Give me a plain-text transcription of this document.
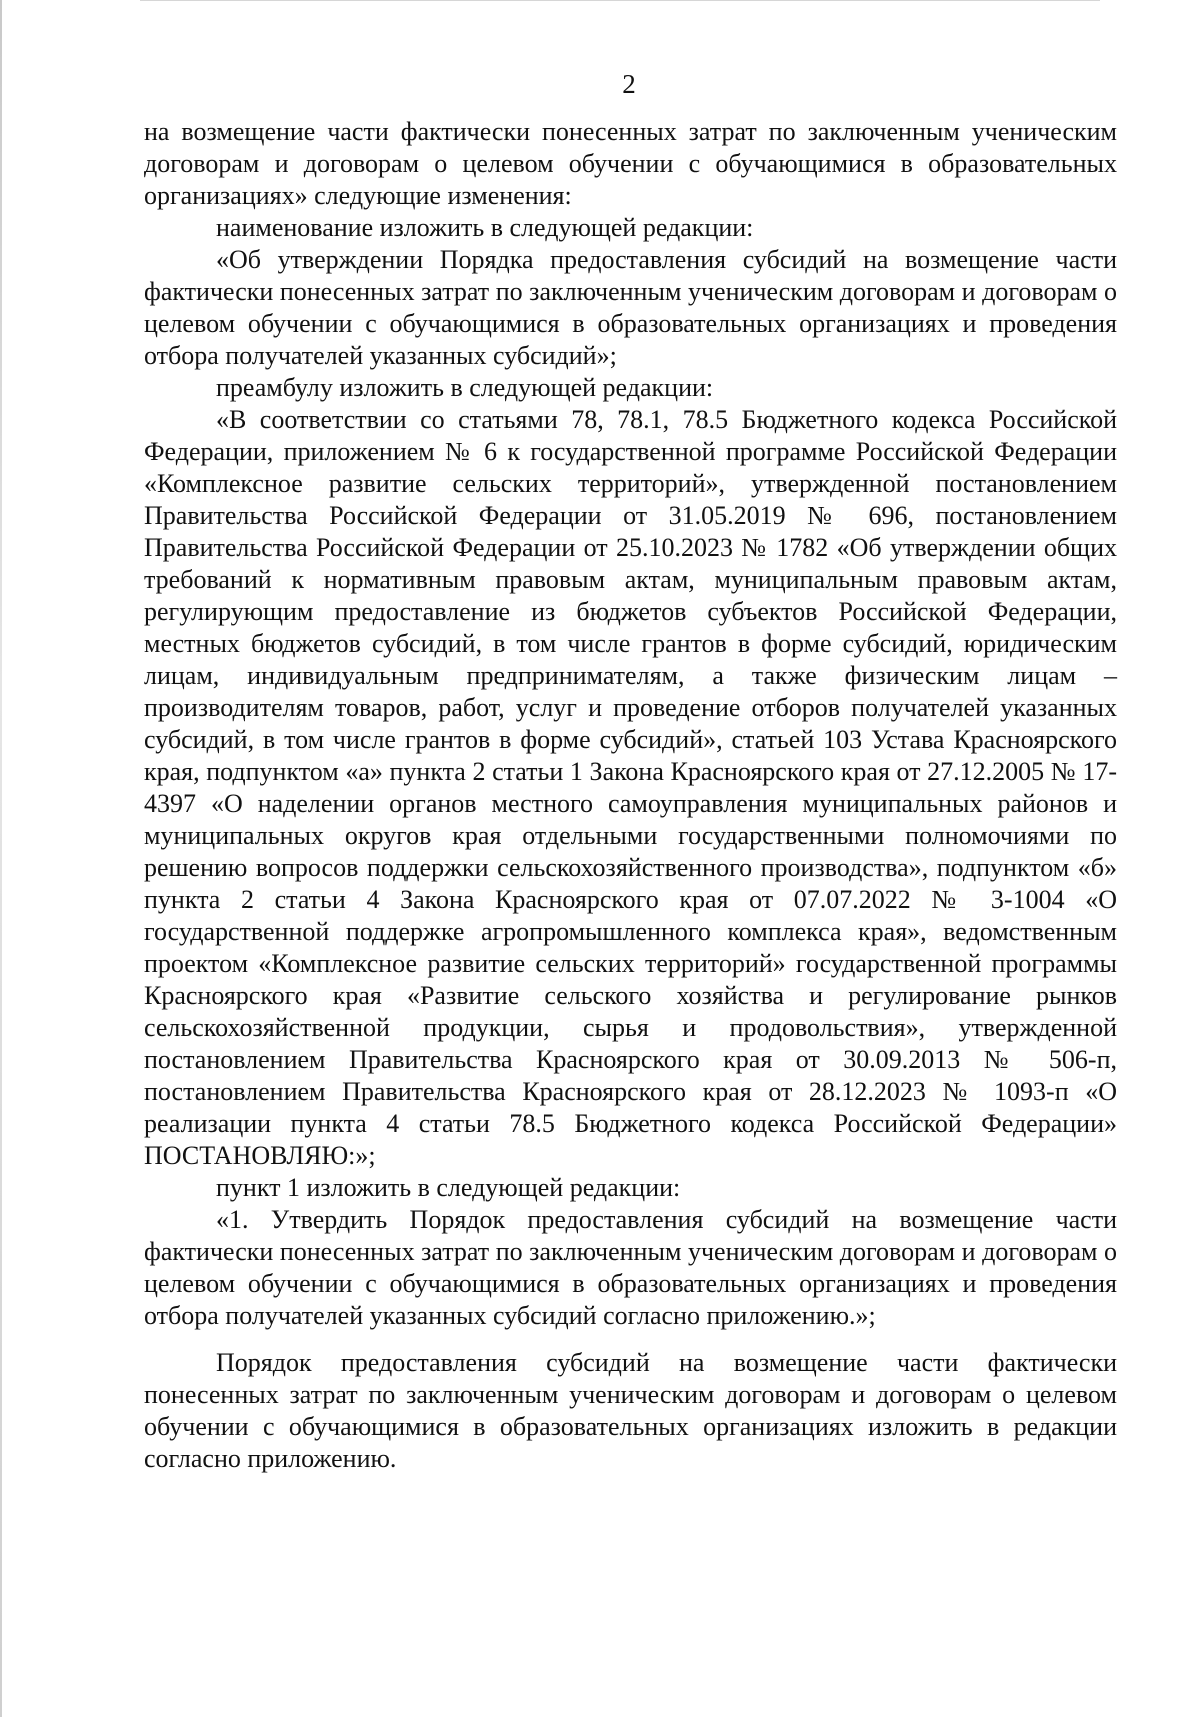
2

на возмещение части фактически понесенных затрат по заключенным ученическим договорам и договорам о целевом обучении с обучающимися в образовательных организациях» следующие изменения:

наименование изложить в следующей редакции:

«Об утверждении Порядка предоставления субсидий на возмещение части фактически понесенных затрат по заключенным ученическим договорам и договорам о целевом обучении с обучающимися в образовательных организациях и проведения отбора получателей указанных субсидий»;

преамбулу изложить в следующей редакции:

«В соответствии со статьями 78, 78.1, 78.5 Бюджетного кодекса Российской Федерации, приложением № 6 к государственной программе Российской Федерации «Комплексное развитие сельских территорий», утвержденной постановлением Правительства Российской Федерации от 31.05.2019 № 696, постановлением Правительства Российской Федерации от 25.10.2023 № 1782 «Об утверждении общих требований к нормативным правовым актам, муниципальным правовым актам, регулирующим предоставление из бюджетов субъектов Российской Федерации, местных бюджетов субсидий, в том числе грантов в форме субсидий, юридическим лицам, индивидуальным предпринимателям, а также физическим лицам – производителям товаров, работ, услуг и проведение отборов получателей указанных субсидий, в том числе грантов в форме субсидий», статьей 103 Устава Красноярского края, подпунктом «а» пункта 2 статьи 1 Закона Красноярского края от 27.12.2005 № 17-4397 «О наделении органов местного самоуправления муниципальных районов и муниципальных округов края отдельными государственными полномочиями по решению вопросов поддержки сельскохозяйственного производства», подпунктом «б» пункта 2 статьи 4 Закона Красноярского края от 07.07.2022 № 3-1004 «О государственной поддержке агропромышленного комплекса края», ведомственным проектом «Комплексное развитие сельских территорий» государственной программы Красноярского края «Развитие сельского хозяйства и регулирование рынков сельскохозяйственной продукции, сырья и продовольствия», утвержденной постановлением Правительства Красноярского края от 30.09.2013 № 506-п, постановлением Правительства Красноярского края от 28.12.2023 № 1093-п «О реализации пункта 4 статьи 78.5 Бюджетного кодекса Российской Федерации» ПОСТАНОВЛЯЮ:»;

пункт 1 изложить в следующей редакции:

«1. Утвердить Порядок предоставления субсидий на возмещение части фактически понесенных затрат по заключенным ученическим договорам и договорам о целевом обучении с обучающимися в образовательных организациях и проведения отбора получателей указанных субсидий согласно приложению.»;

Порядок предоставления субсидий на возмещение части фактически понесенных затрат по заключенным ученическим договорам и договорам о целевом обучении с обучающимися в образовательных организациях изложить в редакции согласно приложению.
